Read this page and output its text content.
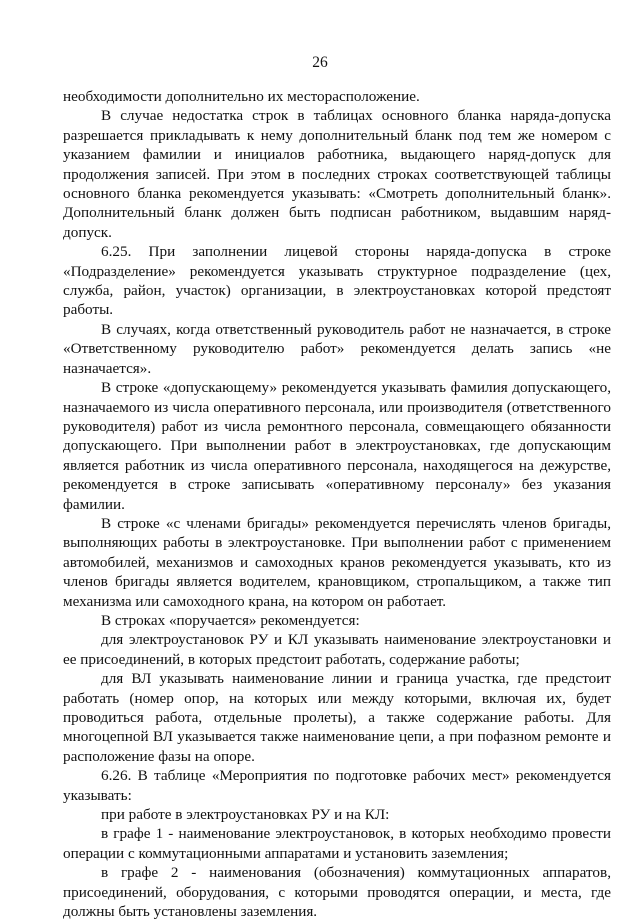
26

необходимости дополнительно их месторасположение.

В случае недостатка строк в таблицах основного бланка наряда-допуска разрешается прикладывать к нему дополнительный бланк под тем же номером с указанием фамилии и инициалов работника, выдающего наряд-допуск для продолжения записей. При этом в последних строках соответствующей таблицы основного бланка рекомендуется указывать: «Смотреть дополнительный бланк». Дополнительный бланк должен быть подписан работником, выдавшим наряд-допуск.

6.25. При заполнении лицевой стороны наряда-допуска в строке «Подразделение» рекомендуется указывать структурное подразделение (цех, служба, район, участок) организации, в электроустановках которой предстоят работы.

В случаях, когда ответственный руководитель работ не назначается, в строке «Ответственному руководителю работ» рекомендуется делать запись «не назначается».

В строке «допускающему» рекомендуется указывать фамилия допускающего, назначаемого из числа оперативного персонала, или производителя (ответственного руководителя) работ из числа ремонтного персонала, совмещающего обязанности допускающего. При выполнении работ в электроустановках, где допускающим является работник из числа оперативного персонала, находящегося на дежурстве, рекомендуется в строке записывать «оперативному персоналу» без указания фамилии.

В строке «с членами бригады» рекомендуется перечислять членов бригады, выполняющих работы в электроустановке. При выполнении работ с применением автомобилей, механизмов и самоходных кранов рекомендуется указывать, кто из членов бригады является водителем, крановщиком, стропальщиком, а также тип механизма или самоходного крана, на котором он работает.

В строках «поручается» рекомендуется:

для электроустановок РУ и КЛ указывать наименование электроустановки и ее присоединений, в которых предстоит работать, содержание работы;

для ВЛ указывать наименование линии и граница участка, где предстоит работать (номер опор, на которых или между которыми, включая их, будет проводиться работа, отдельные пролеты), а также содержание работы. Для многоцепной ВЛ указывается также наименование цепи, а при пофазном ремонте и расположение фазы на опоре.

6.26. В таблице «Мероприятия по подготовке рабочих мест» рекомендуется указывать:

при работе в электроустановках РУ и на КЛ:

в графе 1 - наименование электроустановок, в которых необходимо провести операции с коммутационными аппаратами и установить заземления;

в графе 2 - наименования (обозначения) коммутационных аппаратов, присоединений, оборудования, с которыми проводятся операции, и места, где должны быть установлены заземления.
